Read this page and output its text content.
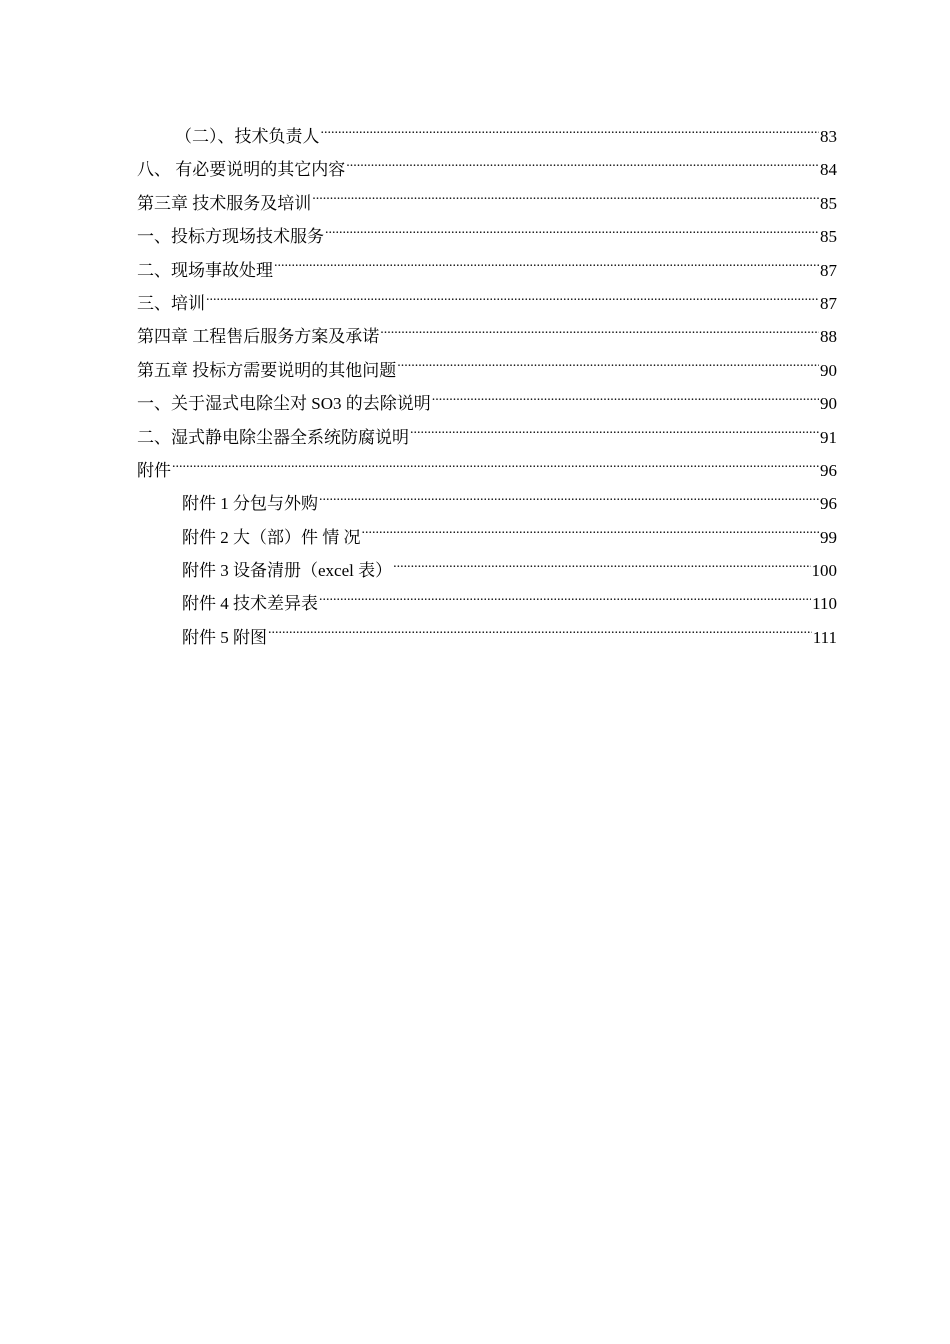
（二）、技术负责人 .....	83
八、 有必要说明的其它内容 .....	84
第三章 技术服务及培训 .....	85
一、投标方现场技术服务 .....	85
二、现场事故处理 .....	87
三、培训 .....	87
第四章 工程售后服务方案及承诺 .....	88
第五章 投标方需要说明的其他问题 .....	90
一、关于湿式电除尘对 SO3 的去除说明 .....	90
二、湿式静电除尘器全系统防腐说明 .....	91
附件 .....	96
附件 1 分包与外购 .....	96
附件 2 大（部）件 情 况 .....	99
附件 3 设备清册（excel 表） .....	100
附件 4 技术差异表 .....	110
附件 5 附图 .....	111
